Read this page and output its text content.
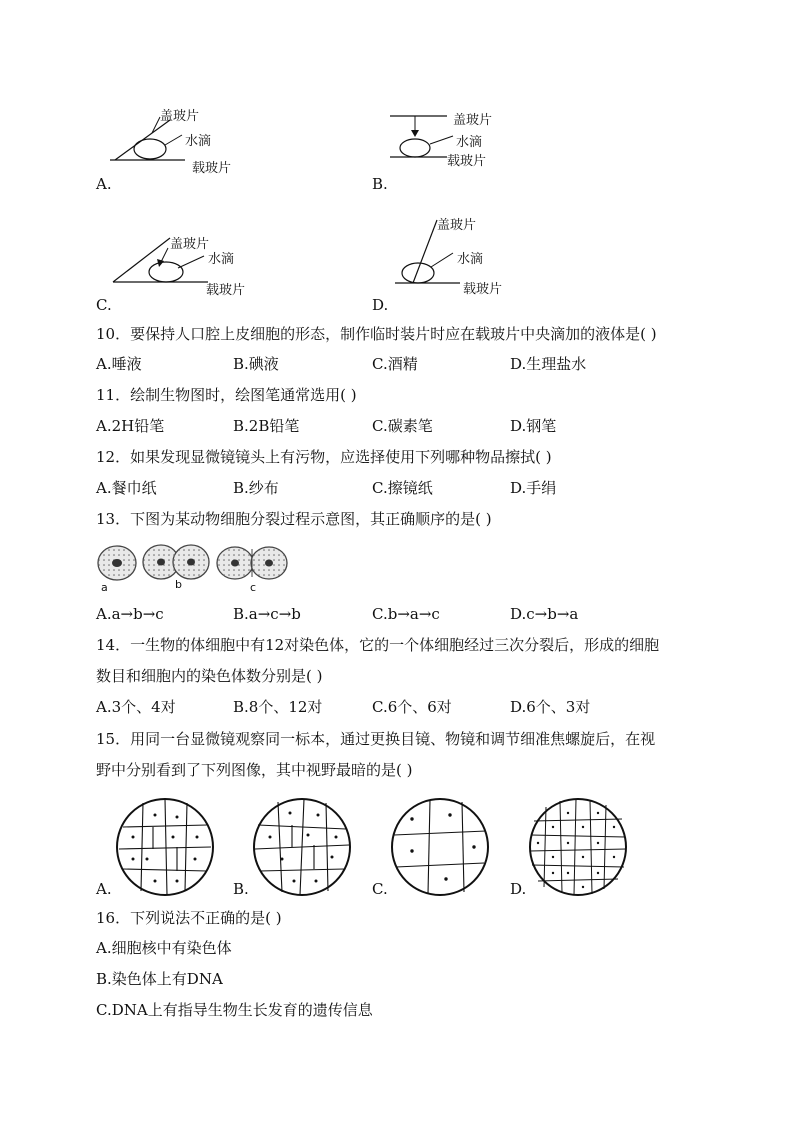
盖玻片
水滴
载玻片
A.
盖玻片
水滴
载玻片
B.
盖玻片
水滴
载玻片
C.
盖玻片
水滴
载玻片
D.
10．要保持人口腔上皮细胞的形态，制作临时装片时应在载玻片中央滴加的液体是( )
A.唾液	B.碘液	C.酒精	D.生理盐水
11．绘制生物图时，绘图笔通常选用( )
A.2H铅笔	B.2B铅笔	C.碳素笔	D.钢笔
12．如果发现显微镜镜头上有污物，应选择使用下列哪种物品擦拭( )
A.餐巾纸	B.纱布	C.擦镜纸	D.手绢
13．下图为某动物细胞分裂过程示意图，其正确顺序的是( )
a	b	c
A.a→b→c	B.a→c→b	C.b→a→c	D.c→b→a
14．一生物的体细胞中有12对染色体，它的一个体细胞经过三次分裂后，形成的细胞
数目和细胞内的染色体数分别是( )
A.3个、4对	B.8个、12对	C.6个、6对	D.6个、3对
15．用同一台显微镜观察同一标本，通过更换目镜、物镜和调节细准焦螺旋后，在视
野中分别看到了下列图像，其中视野最暗的是( )
A.	B.	C.	D.
16．下列说法不正确的是( )
A.细胞核中有染色体
B.染色体上有DNA
C.DNA上有指导生物生长发育的遗传信息
